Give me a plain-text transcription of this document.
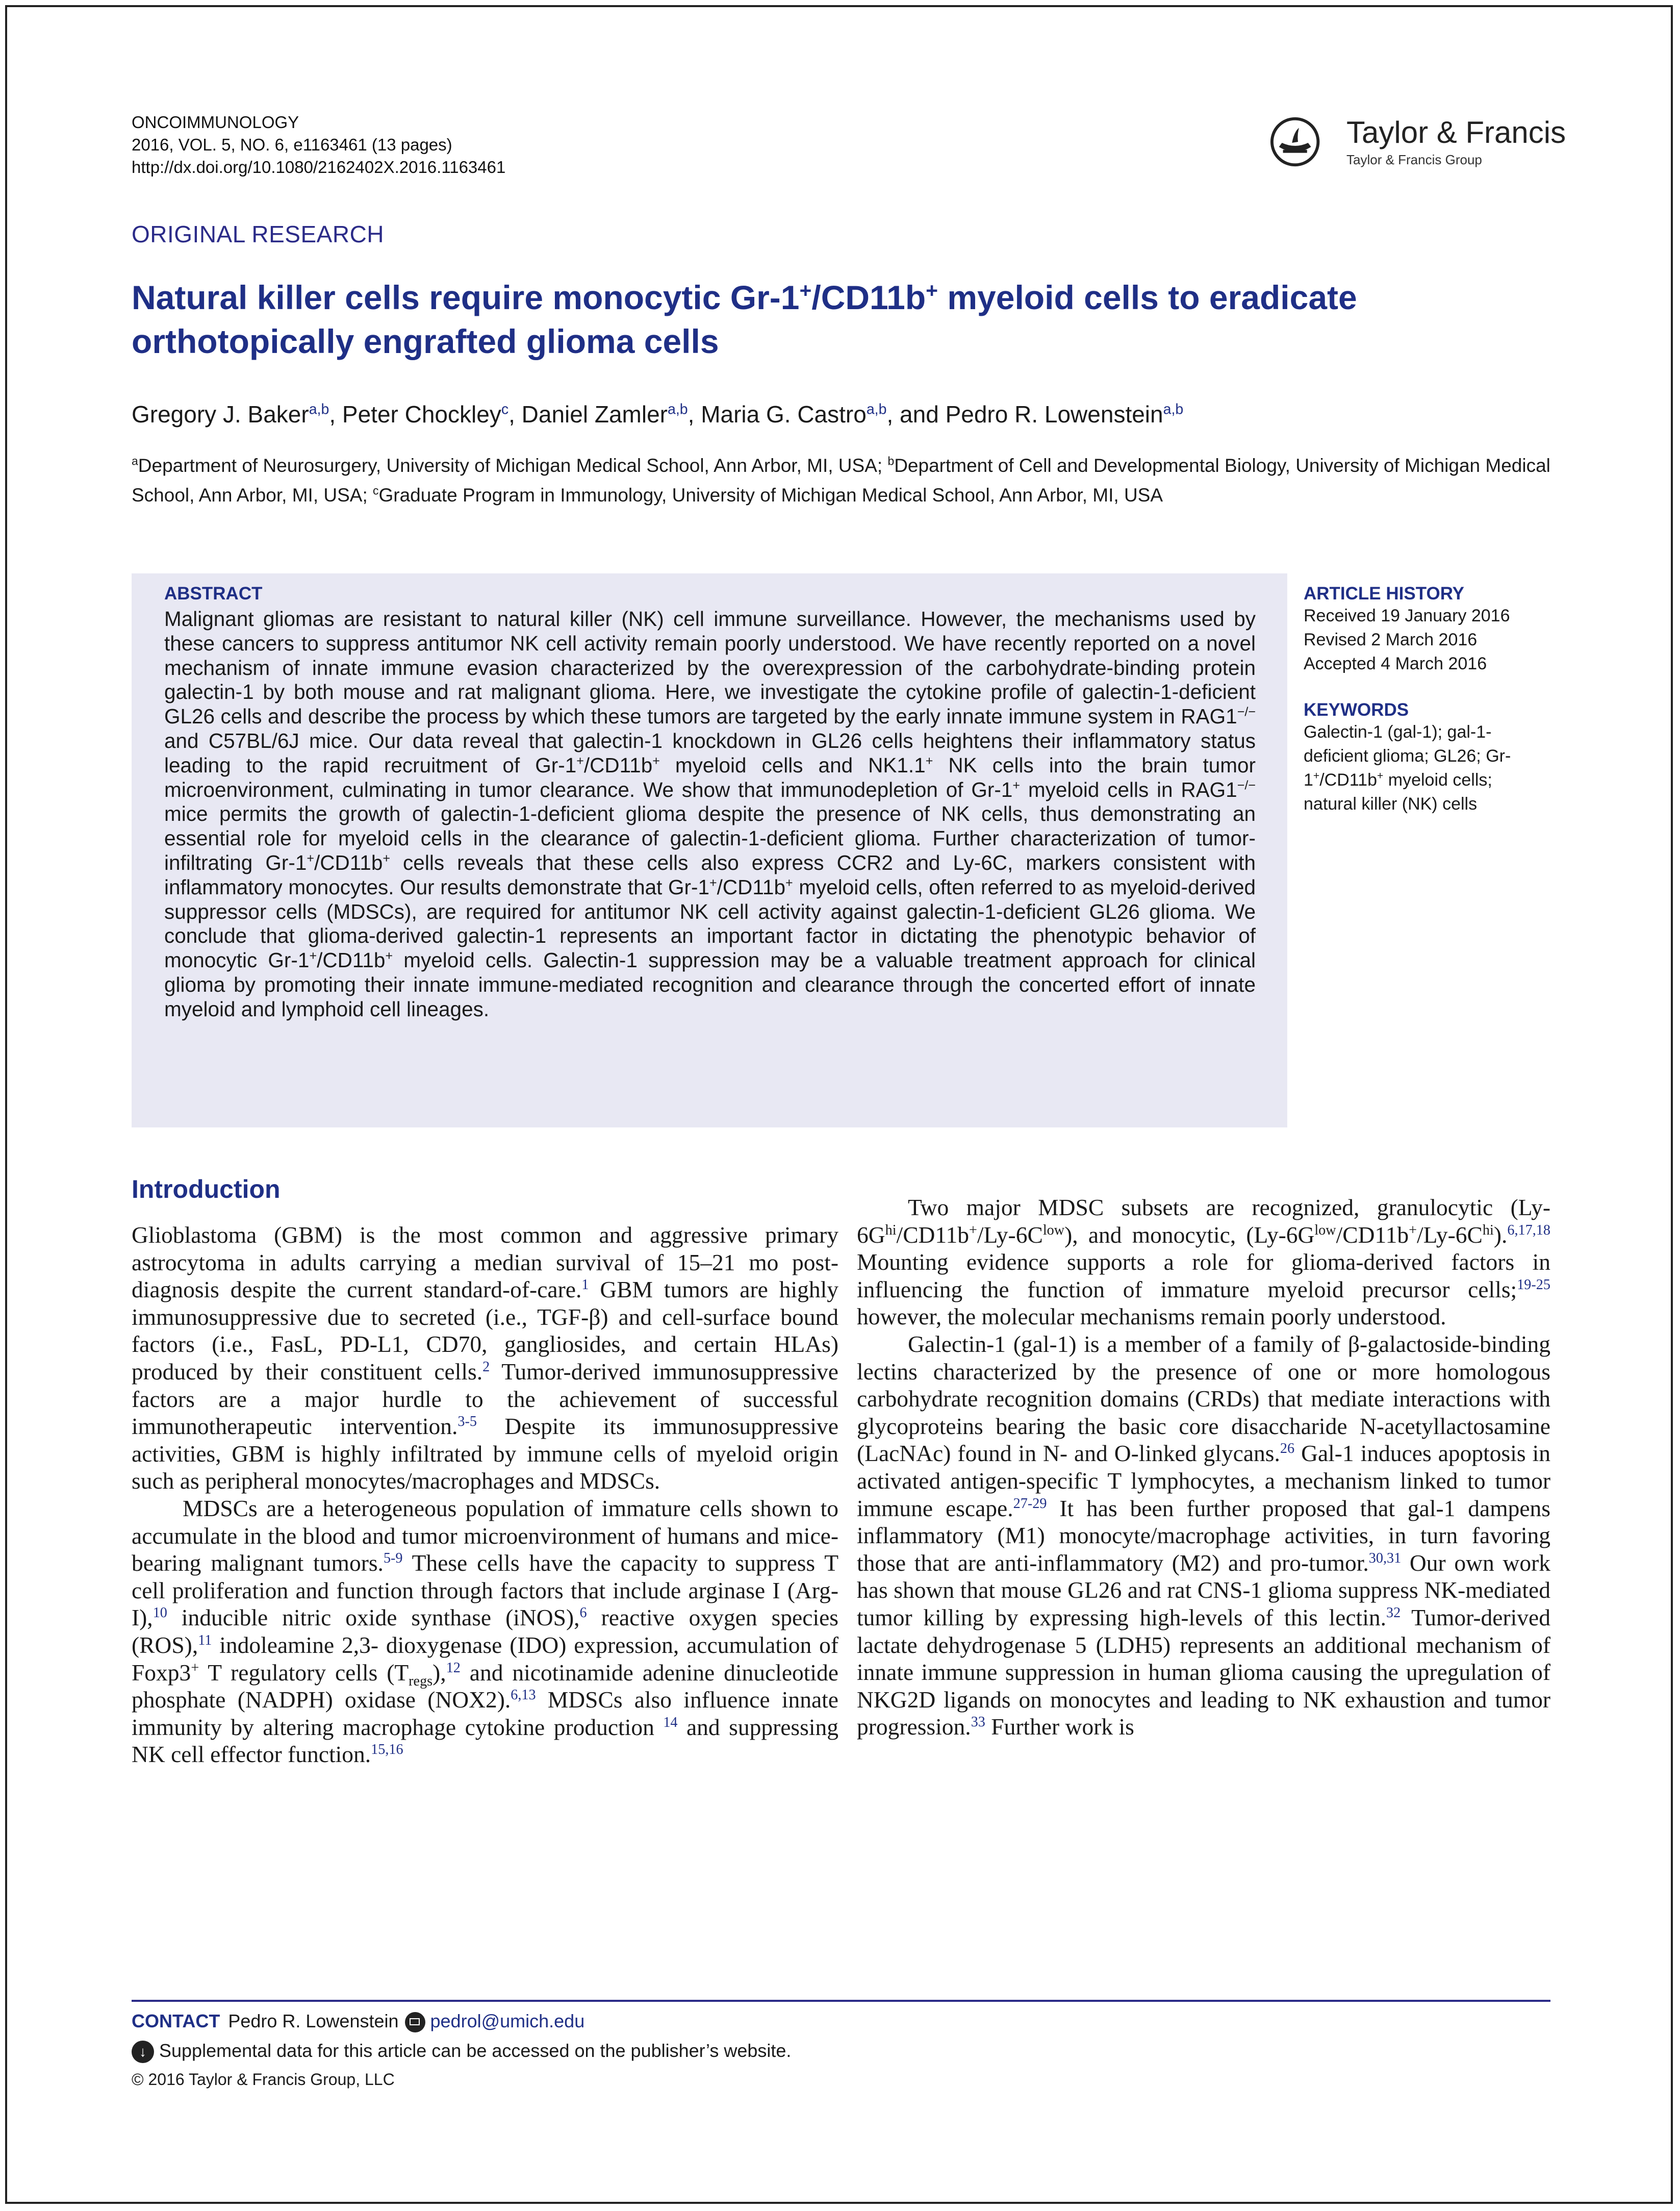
ONCOIMMUNOLOGY
2016, VOL. 5, NO. 6, e1163461 (13 pages)
http://dx.doi.org/10.1080/2162402X.2016.1163461
Taylor & Francis
Taylor & Francis Group
ORIGINAL RESEARCH
Natural killer cells require monocytic Gr-1+/CD11b+ myeloid cells to eradicate orthotopically engrafted glioma cells
Gregory J. Baker$^{a,b}$, Peter Chockley$^c$, Daniel Zamler$^{a,b}$, Maria G. Castro$^{a,b}$, and Pedro R. Lowenstein$^{a,b}$
$^a$Department of Neurosurgery, University of Michigan Medical School, Ann Arbor, MI, USA; $^b$Department of Cell and Developmental Biology, University of Michigan Medical School, Ann Arbor, MI, USA; $^c$Graduate Program in Immunology, University of Michigan Medical School, Ann Arbor, MI, USA
ABSTRACT
Malignant gliomas are resistant to natural killer (NK) cell immune surveillance. However, the mechanisms used by these cancers to suppress antitumor NK cell activity remain poorly understood. We have recently reported on a novel mechanism of innate immune evasion characterized by the overexpression of the carbohydrate-binding protein galectin-1 by both mouse and rat malignant glioma. Here, we investigate the cytokine profile of galectin-1-deficient GL26 cells and describe the process by which these tumors are targeted by the early innate immune system in RAG1−/− and C57BL/6J mice. Our data reveal that galectin-1 knockdown in GL26 cells heightens their inflammatory status leading to the rapid recruitment of Gr-1+/CD11b+ myeloid cells and NK1.1+ NK cells into the brain tumor microenvironment, culminating in tumor clearance. We show that immunodepletion of Gr-1+ myeloid cells in RAG1−/− mice permits the growth of galectin-1-deficient glioma despite the presence of NK cells, thus demonstrating an essential role for myeloid cells in the clearance of galectin-1-deficient glioma. Further characterization of tumor-infiltrating Gr-1+/CD11b+ cells reveals that these cells also express CCR2 and Ly-6C, markers consistent with inflammatory monocytes. Our results demonstrate that Gr-1+/CD11b+ myeloid cells, often referred to as myeloid-derived suppressor cells (MDSCs), are required for antitumor NK cell activity against galectin-1-deficient GL26 glioma. We conclude that glioma-derived galectin-1 represents an important factor in dictating the phenotypic behavior of monocytic Gr-1+/CD11b+ myeloid cells. Galectin-1 suppression may be a valuable treatment approach for clinical glioma by promoting their innate immune-mediated recognition and clearance through the concerted effort of innate myeloid and lymphoid cell lineages.
ARTICLE HISTORY
Received 19 January 2016
Revised 2 March 2016
Accepted 4 March 2016
KEYWORDS
Galectin-1 (gal-1); gal-1-deficient glioma; GL26; Gr-1+/CD11b+ myeloid cells; natural killer (NK) cells
Introduction

Glioblastoma (GBM) is the most common and aggressive primary astrocytoma in adults carrying a median survival of 15–21 mo post-diagnosis despite the current standard-of-care.$^1$ GBM tumors are highly immunosuppressive due to secreted (i.e., TGF-β) and cell-surface bound factors (i.e., FasL, PD-L1, CD70, gangliosides, and certain HLAs) produced by their constituent cells.$^2$ Tumor-derived immunosuppressive factors are a major hurdle to the achievement of successful immunotherapeutic intervention.$^{3-5}$ Despite its immunosuppressive activities, GBM is highly infiltrated by immune cells of myeloid origin such as peripheral monocytes/macrophages and MDSCs.

MDSCs are a heterogeneous population of immature cells shown to accumulate in the blood and tumor microenvironment of humans and mice-bearing malignant tumors.$^{5-9}$ These cells have the capacity to suppress T cell proliferation and function through factors that include arginase I (Arg-I),$^{10}$ inducible nitric oxide synthase (iNOS),$^6$ reactive oxygen species (ROS),$^{11}$ indoleamine 2,3- dioxygenase (IDO) expression, accumulation of Foxp3+ T regulatory cells $(T_{regs}),^{12}$ and nicotinamide adenine dinucleotide phosphate (NADPH) oxidase (NOX2).$^{6,13}$ MDSCs also influence innate immunity by altering macrophage cytokine production $^{14}$ and suppressing NK cell effector function.$^{15,16}$

Two major MDSC subsets are recognized, granulocytic $(Ly-6G^{hi}/CD11b^+/Ly-6C^{low})$, and monocytic, $(Ly-6G^{low}/CD11b^+/Ly-6C^{hi}).^{6,17,18}$ Mounting evidence supports a role for glioma-derived factors in influencing the function of immature myeloid precursor cells;$^{19-25}$ however, the molecular mechanisms remain poorly understood.

Galectin-1 (gal-1) is a member of a family of β-galactoside-binding lectins characterized by the presence of one or more homologous carbohydrate recognition domains (CRDs) that mediate interactions with glycoproteins bearing the basic core disaccharide N-acetyllactosamine (LacNAc) found in N- and O-linked glycans.$^{26}$ Gal-1 induces apoptosis in activated antigen-specific T lymphocytes, a mechanism linked to tumor immune escape.$^{27-29}$ It has been further proposed that gal-1 dampens inflammatory (M1) monocyte/macrophage activities, in turn favoring those that are anti-inflammatory (M2) and pro-tumor.$^{30,31}$ Our own work has shown that mouse GL26 and rat CNS-1 glioma suppress NK-mediated tumor killing by expressing high-levels of this lectin.$^{32}$ Tumor-derived lactate dehydrogenase 5 (LDH5) represents an additional mechanism of innate immune suppression in human glioma causing the upregulation of NKG2D ligands on monocytes and leading to NK exhaustion and tumor progression.$^{33}$ Further work is

CONTACT Pedro R. Lowenstein pedrol@umich.edu
↓ Supplemental data for this article can be accessed on the publisher’s website.
© 2016 Taylor & Francis Group, LLC
